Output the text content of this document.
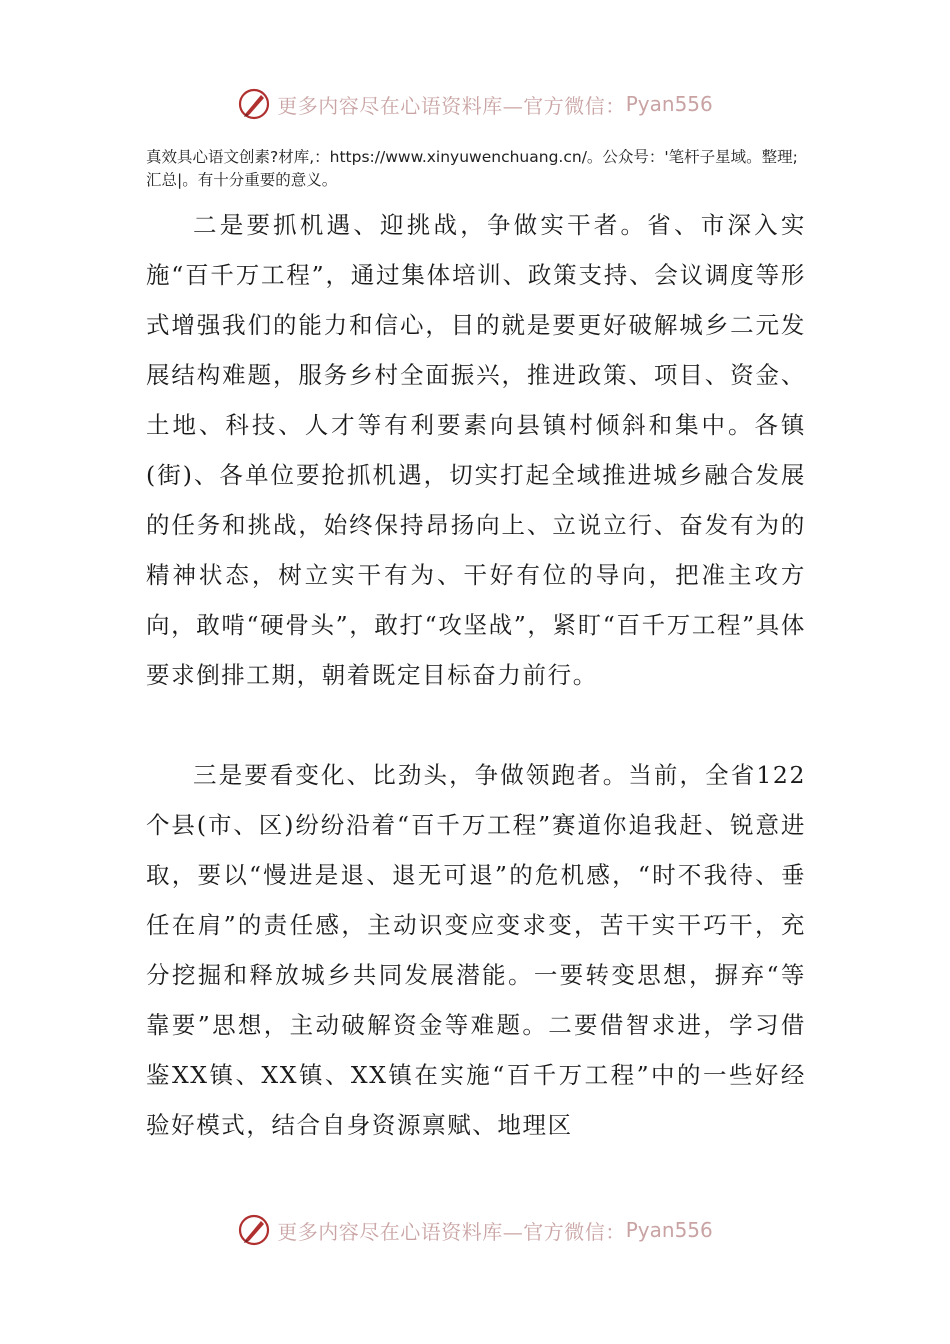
更多内容尽在心语资料库—官方微信： Pyan556
真效具心语文创素?材库,：https://www.xinyuwenchuang.cn/。公众号：'笔杆子星域。整理;汇总|。有十分重要的意义。

二是要抓机遇、迎挑战，争做实干者。省、市深入实施“百千万工程”，通过集体培训、政策支持、会议调度等形式增强我们的能力和信心，目的就是要更好破解城乡二元发展结构难题，服务乡村全面振兴，推进政策、项目、资金、土地、科技、人才等有利要素向县镇村倾斜和集中。各镇(街)、各单位要抢抓机遇，切实打起全域推进城乡融合发展的任务和挑战，始终保持昂扬向上、立说立行、奋发有为的精神状态，树立实干有为、干好有位的导向，把准主攻方向，敢啃“硬骨头”，敢打“攻坚战”，紧盯“百千万工程”具体要求倒排工期，朝着既定目标奋力前行。

三是要看变化、比劲头，争做领跑者。当前，全省122个县(市、区)纷纷沿着“百千万工程”赛道你追我赶、锐意进取，要以“慢进是退、退无可退”的危机感，“时不我待、垂任在肩”的责任感，主动识变应变求变，苦干实干巧干，充分挖掘和释放城乡共同发展潜能。一要转变思想，摒弃“等靠要”思想，主动破解资金等难题。二要借智求进，学习借鉴XX镇、XX镇、XX镇在实施“百千万工程”中的一些好经验好模式，结合自身资源禀赋、地理区

更多内容尽在心语资料库—官方微信： Pyan556
